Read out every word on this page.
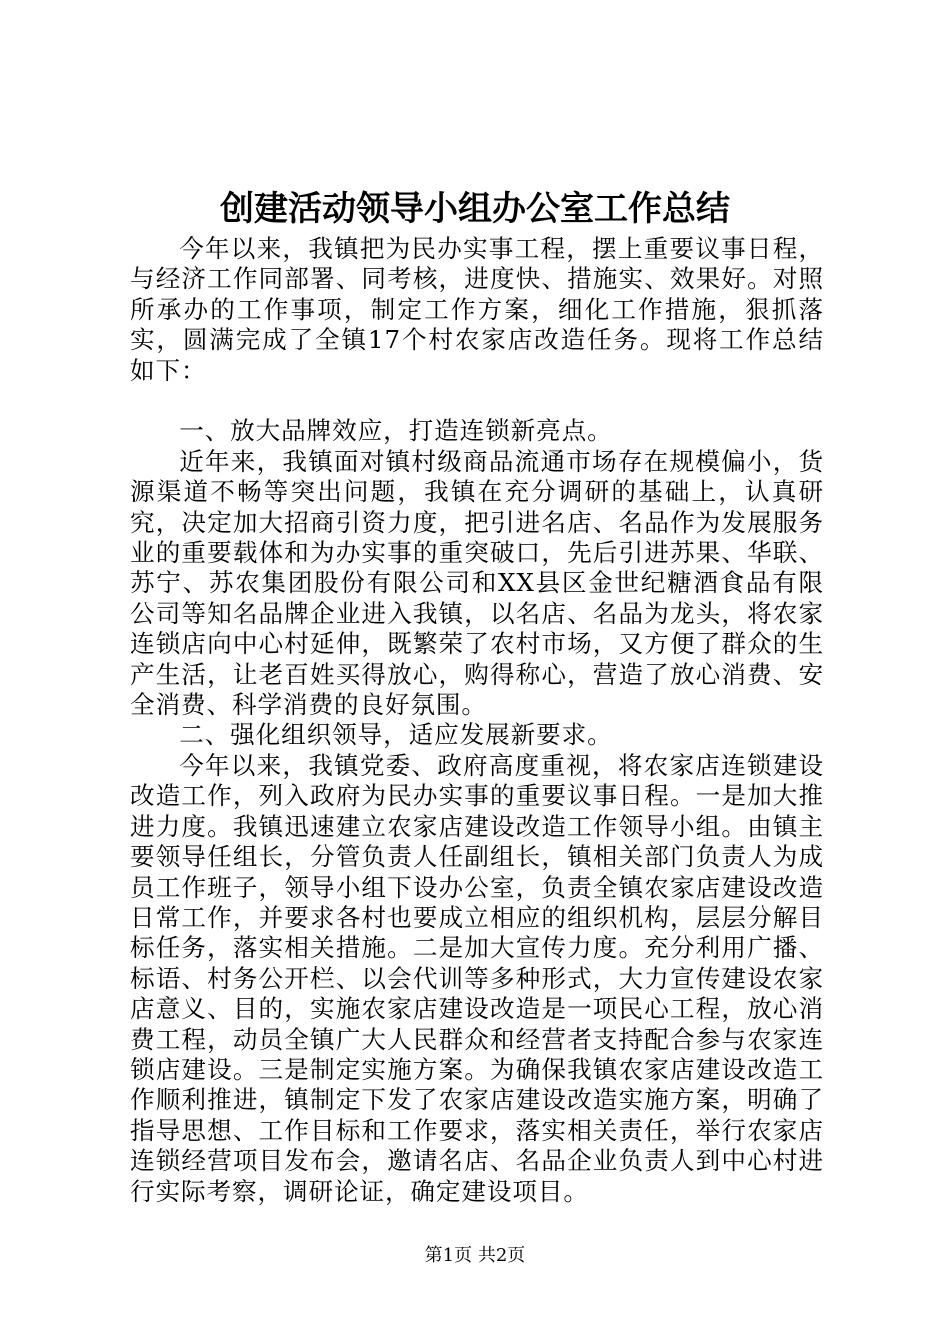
创建活动领导小组办公室工作总结

今年以来，我镇把为民办实事工程，摆上重要议事日程，与经济工作同部署、同考核，进度快、措施实、效果好。对照所承办的工作事项，制定工作方案，细化工作措施，狠抓落实，圆满完成了全镇17个村农家店改造任务。现将工作总结如下：

一、放大品牌效应，打造连锁新亮点。

近年来，我镇面对镇村级商品流通市场存在规模偏小，货源渠道不畅等突出问题，我镇在充分调研的基础上，认真研究，决定加大招商引资力度，把引进名店、名品作为发展服务业的重要载体和为办实事的重突破口，先后引进苏果、华联、苏宁、苏农集团股份有限公司和XX县区金世纪糖酒食品有限公司等知名品牌企业进入我镇，以名店、名品为龙头，将农家连锁店向中心村延伸，既繁荣了农村市场，又方便了群众的生产生活，让老百姓买得放心，购得称心，营造了放心消费、安全消费、科学消费的良好氛围。

二、强化组织领导，适应发展新要求。

今年以来，我镇党委、政府高度重视，将农家店连锁建设改造工作，列入政府为民办实事的重要议事日程。一是加大推进力度。我镇迅速建立农家店建设改造工作领导小组。由镇主要领导任组长，分管负责人任副组长，镇相关部门负责人为成员工作班子，领导小组下设办公室，负责全镇农家店建设改造日常工作，并要求各村也要成立相应的组织机构，层层分解目标任务，落实相关措施。二是加大宣传力度。充分利用广播、标语、村务公开栏、以会代训等多种形式，大力宣传建设农家店意义、目的，实施农家店建设改造是一项民心工程，放心消费工程，动员全镇广大人民群众和经营者支持配合参与农家连锁店建设。三是制定实施方案。为确保我镇农家店建设改造工作顺利推进，镇制定下发了农家店建设改造实施方案，明确了指导思想、工作目标和工作要求，落实相关责任，举行农家店连锁经营项目发布会，邀请名店、名品企业负责人到中心村进行实际考察，调研论证，确定建设项目。

第1页 共2页
